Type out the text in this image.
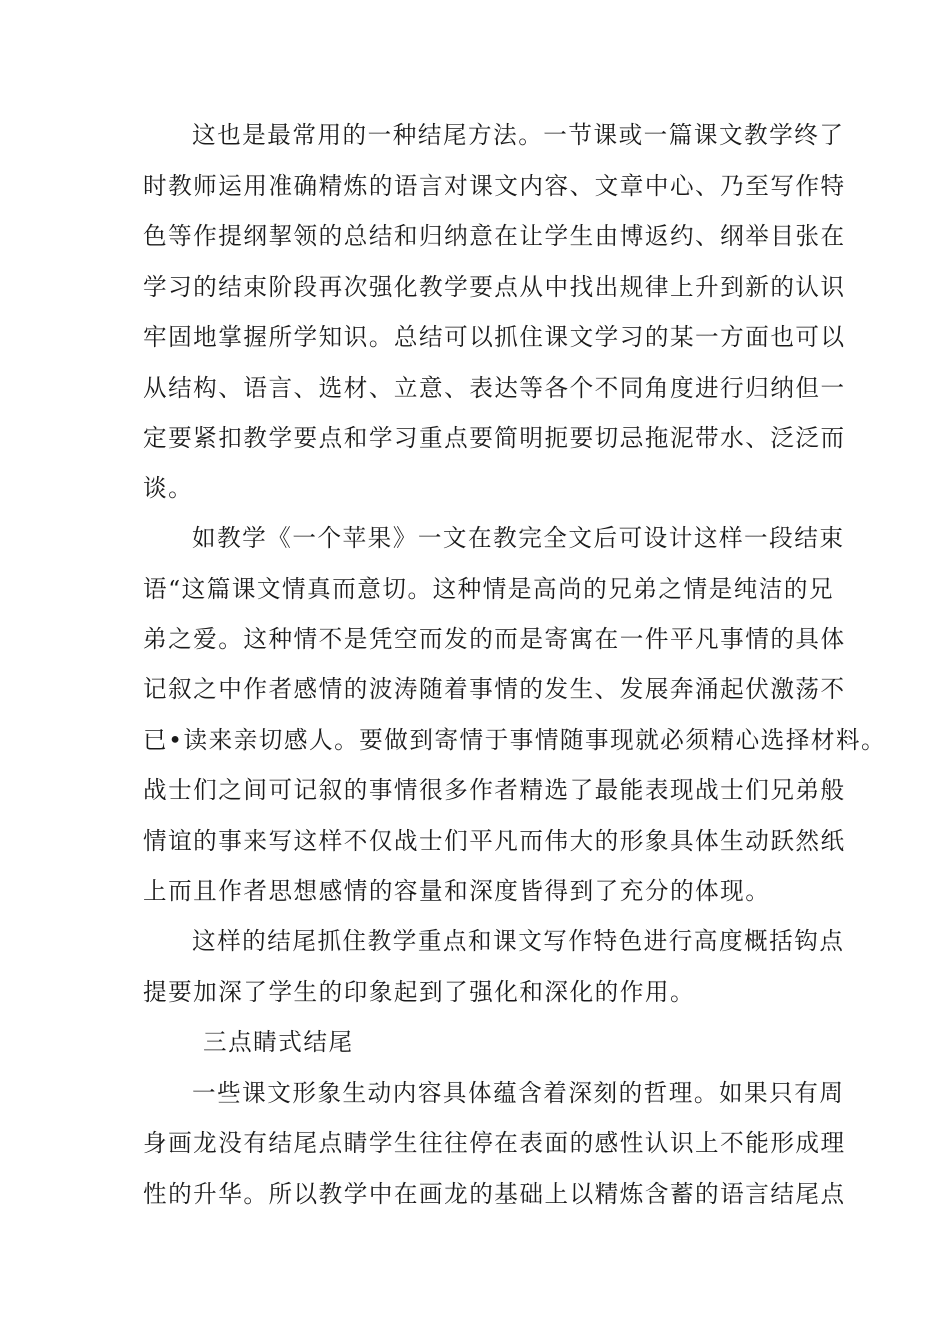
这也是最常用的一种结尾方法。一节课或一篇课文教学终了
时教师运用准确精炼的语言对课文内容、文章中心、乃至写作特
色等作提纲挈领的总结和归纳意在让学生由博返约、纲举目张在
学习的结束阶段再次强化教学要点从中找出规律上升到新的认识
牢固地掌握所学知识。总结可以抓住课文学习的某一方面也可以
从结构、语言、选材、立意、表达等各个不同角度进行归纳但一
定要紧扣教学要点和学习重点要简明扼要切忌拖泥带水、泛泛而
谈。
如教学《一个苹果》一文在教完全文后可设计这样一段结束
语“这篇课文情真而意切。这种情是高尚的兄弟之情是纯洁的兄
弟之爱。这种情不是凭空而发的而是寄寓在一件平凡事情的具体
记叙之中作者感情的波涛随着事情的发生、发展奔涌起伏激荡不
已•读来亲切感人。要做到寄情于事情随事现就必须精心选择材料。
战士们之间可记叙的事情很多作者精选了最能表现战士们兄弟般
情谊的事来写这样不仅战士们平凡而伟大的形象具体生动跃然纸
上而且作者思想感情的容量和深度皆得到了充分的体现。
这样的结尾抓住教学重点和课文写作特色进行高度概括钩点
提要加深了学生的印象起到了强化和深化的作用。
三点睛式结尾
一些课文形象生动内容具体蕴含着深刻的哲理。如果只有周
身画龙没有结尾点睛学生往往停在表面的感性认识上不能形成理
性的升华。所以教学中在画龙的基础上以精炼含蓄的语言结尾点
